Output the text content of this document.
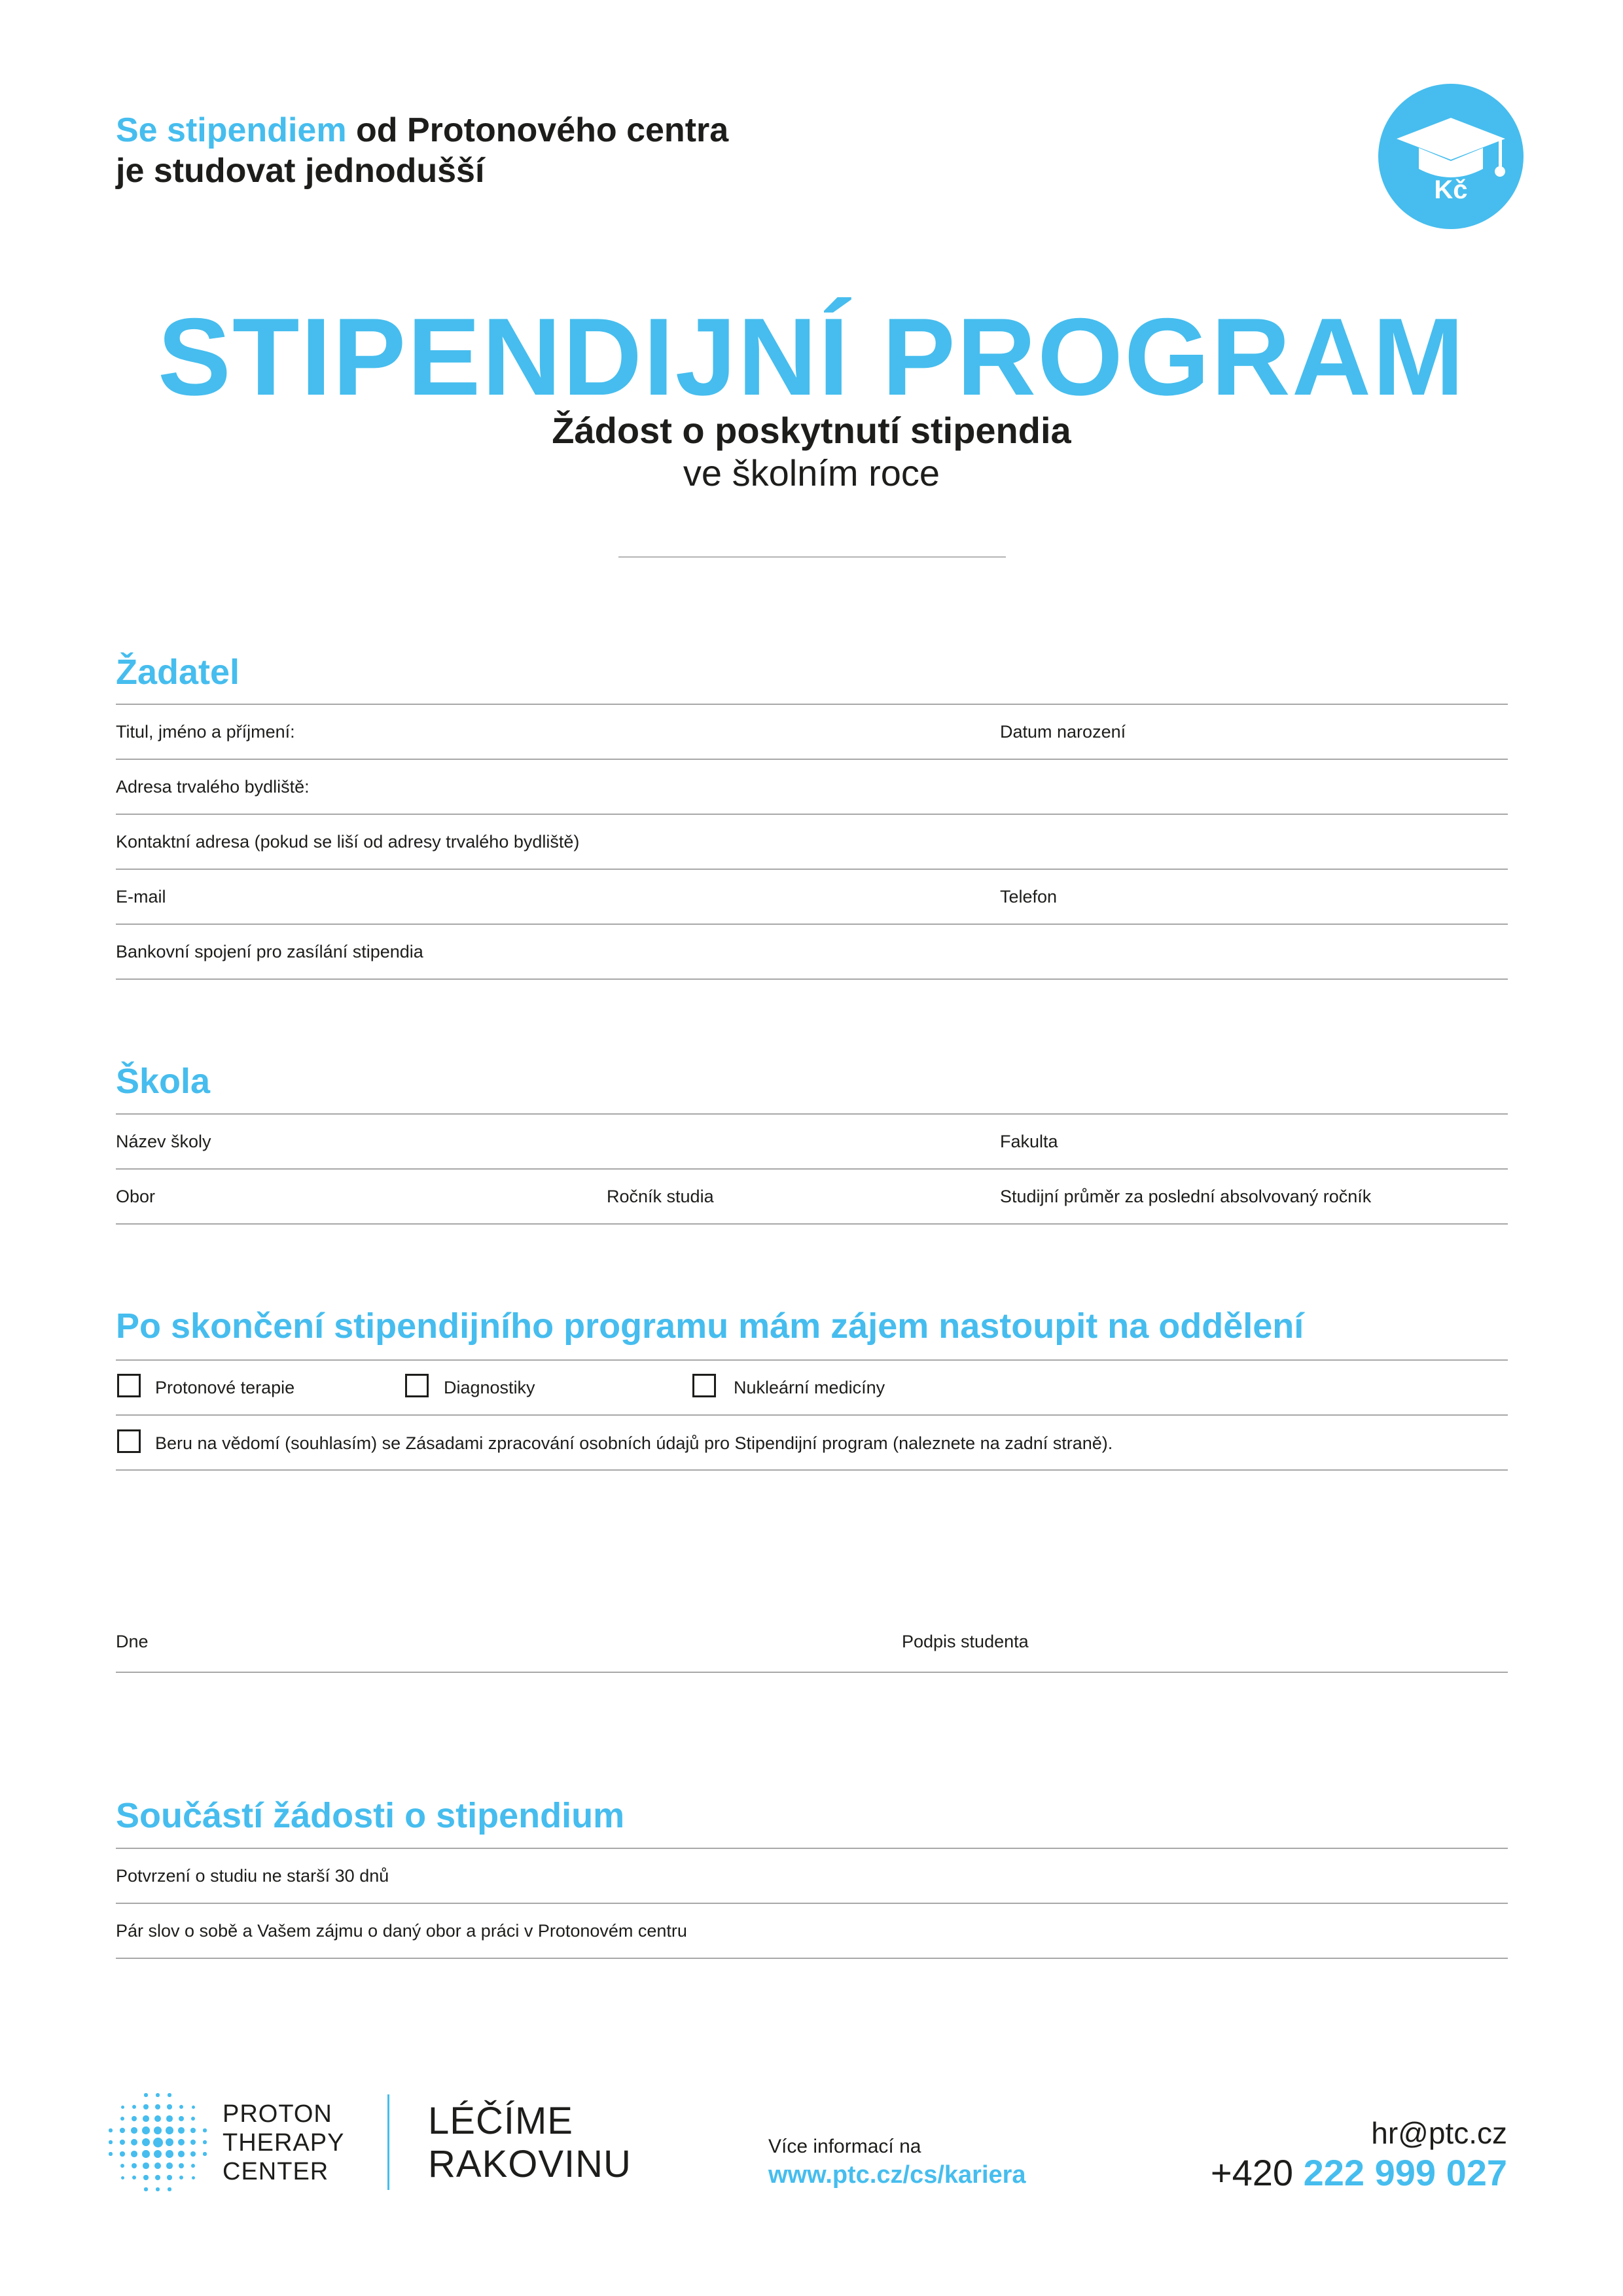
Se stipendiem od Protonového centra
je studovat jednodušší	Kč
STIPENDIJNÍ PROGRAM
Žádost o poskytnutí stipendia
ve školním roce
Žadatel
Titul, jméno a příjmení:	Datum narození
Adresa trvalého bydliště:
Kontaktní adresa (pokud se liší od adresy trvalého bydliště)
E-mail	Telefon
Bankovní spojení pro zasílání stipendia
Škola
Název školy	Fakulta
Obor	Ročník studia	Studijní průměr za poslední absolvovaný ročník
Po skončení stipendijního programu mám zájem nastoupit na oddělení
Protonové terapie	Diagnostiky	Nukleární medicíny
Beru na vědomí (souhlasím) se Zásadami zpracování osobních údajů pro Stipendijní program (naleznete na zadní straně).
Dne	Podpis studenta
Součástí žádosti o stipendium
Potvrzení o studiu ne starší 30 dnů
Pár slov o sobě a Vašem zájmu o daný obor a práci v Protonovém centru
PROTON
THERAPY
CENTER
LÉČÍME
RAKOVINU	Více informací na
www.ptc.cz/cs/kariera
hr@ptc.cz
+420 222 999 027
